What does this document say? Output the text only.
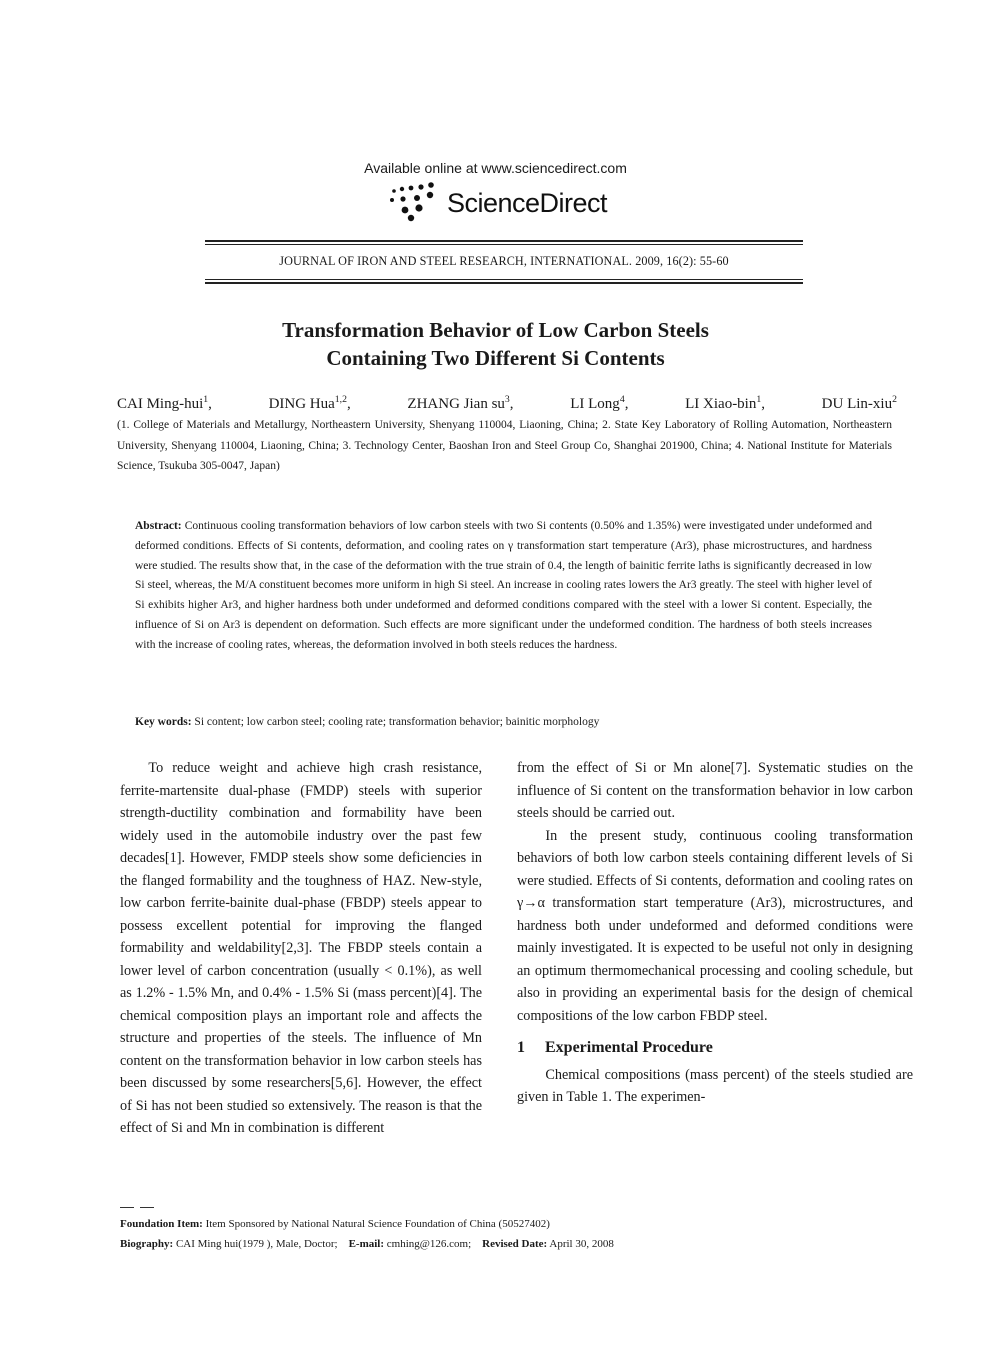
Available online at www.sciencedirect.com
ScienceDirect
JOURNAL OF IRON AND STEEL RESEARCH, INTERNATIONAL. 2009, 16(2): 55-60
Transformation Behavior of Low Carbon Steels
Containing Two Different Si Contents
CAI Ming-hui$^1$,	DING Hua$^{1,2}$,	ZHANG Jian $su^3$,	LI Long$^4$,	LI Xiao-bin$^1$,	DU Lin-xiu$^2$
(1. College of Materials and Metallurgy, Northeastern University, Shenyang 110004, Liaoning, China; 2. State Key Laboratory of Rolling Automation, Northeastern University, Shenyang 110004, Liaoning, China; 3. Technology Center, Baoshan Iron and Steel Group Co, Shanghai 201900, China; 4. National Institute for Materials Science, Tsukuba 305-0047, Japan)
Abstract: Continuous cooling transformation behaviors of low carbon steels with two Si contents (0.50% and 1.35%) were investigated under undeformed and deformed conditions. Effects of Si contents, deformation, and cooling rates on γ transformation start temperature (Ar3), phase microstructures, and hardness were studied. The results show that, in the case of the deformation with the true strain of 0.4, the length of bainitic ferrite laths is significantly decreased in low Si steel, whereas, the M/A constituent becomes more uniform in high Si steel. An increase in cooling rates lowers the Ar3 greatly. The steel with higher level of Si exhibits higher Ar3, and higher hardness both under undeformed and deformed conditions compared with the steel with a lower Si content. Especially, the influence of Si on Ar3 is dependent on deformation. Such effects are more significant under the undeformed condition. The hardness of both steels increases with the increase of cooling rates, whereas, the deformation involved in both steels reduces the hardness.
Key words: Si content; low carbon steel; cooling rate; transformation behavior; bainitic morphology

To reduce weight and achieve high crash resistance, ferrite-martensite dual-phase (FMDP) steels with superior strength-ductility combination and formability have been widely used in the automobile industry over the past few decades[1]. However, FMDP steels show some deficiencies in the flanged formability and the toughness of HAZ. New-style, low carbon ferrite-bainite dual-phase (FBDP) steels appear to possess excellent potential for improving the flanged formability and weldability[2,3]. The FBDP steels contain a lower level of carbon concentration (usually < 0.1%), as well as 1.2% - 1.5% Mn, and 0.4% - 1.5% Si (mass percent)[4]. The chemical composition plays an important role and affects the structure and properties of the steels. The influence of Mn content on the transformation behavior in low carbon steels has been discussed by some researchers[5,6]. However, the effect of Si has not been studied so extensively. The reason is that the effect of Si and Mn in combination is different

from the effect of Si or Mn alone[7]. Systematic studies on the influence of Si content on the transformation behavior in low carbon steels should be carried out.

In the present study, continuous cooling transformation behaviors of both low carbon steels containing different levels of Si were studied. Effects of Si contents, deformation and cooling rates on γ→α transformation start temperature (Ar3), microstructures, and hardness both under undeformed and deformed conditions were mainly investigated. It is expected to be useful not only in designing an optimum thermomechanical processing and cooling schedule, but also in providing an experimental basis for the design of chemical compositions of the low carbon FBDP steel.

1 Experimental Procedure

Chemical compositions (mass percent) of the steels studied are given in Table 1. The experimen-

Foundation Item: Item Sponsored by National Natural Science Foundation of China (50527402)
Biography: CAI Ming hui(1979 ), Male, Doctor; E-mail: cmhing@126.com; Revised Date: April 30, 2008
